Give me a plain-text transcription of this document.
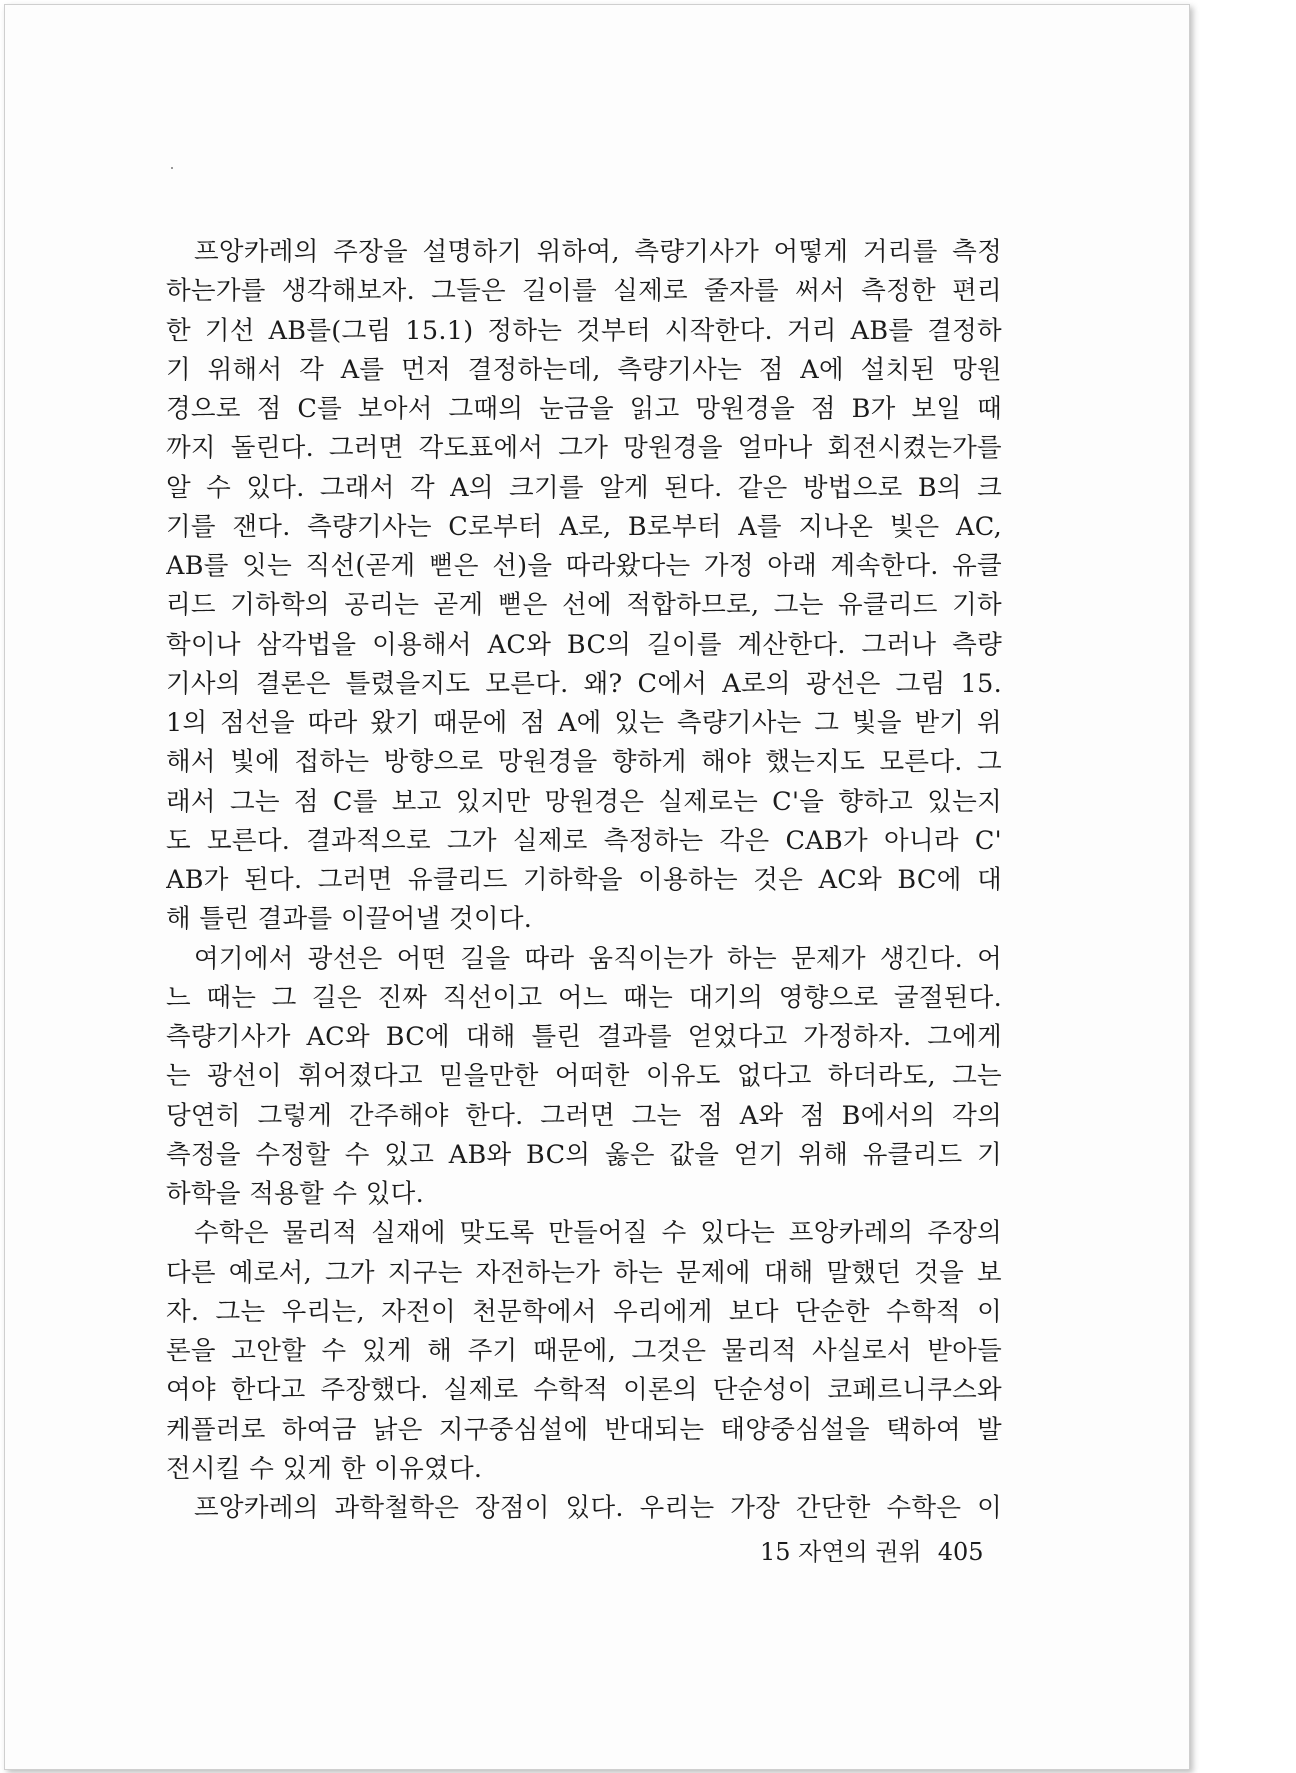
프앙카레의 주장을 설명하기 위하여, 측량기사가 어떻게 거리를 측정
하는가를 생각해보자. 그들은 길이를 실제로 줄자를 써서 측정한 편리
한 기선 AB를(그림 15.1) 정하는 것부터 시작한다. 거리 AB를 결정하
기 위해서 각 A를 먼저 결정하는데, 측량기사는 점 A에 설치된 망원
경으로 점 C를 보아서 그때의 눈금을 읽고 망원경을 점 B가 보일 때
까지 돌린다. 그러면 각도표에서 그가 망원경을 얼마나 회전시켰는가를
알 수 있다. 그래서 각 A의 크기를 알게 된다. 같은 방법으로 B의 크
기를 잰다. 측량기사는 C로부터 A로, B로부터 A를 지나온 빛은 AC,
AB를 잇는 직선(곧게 뻗은 선)을 따라왔다는 가정 아래 계속한다. 유클
리드 기하학의 공리는 곧게 뻗은 선에 적합하므로, 그는 유클리드 기하
학이나 삼각법을 이용해서 AC와 BC의 길이를 계산한다. 그러나 측량
기사의 결론은 틀렸을지도 모른다. 왜? C에서 A로의 광선은 그림 15.
1의 점선을 따라 왔기 때문에 점 A에 있는 측량기사는 그 빛을 받기 위
해서 빛에 접하는 방향으로 망원경을 향하게 해야 했는지도 모른다. 그
래서 그는 점 C를 보고 있지만 망원경은 실제로는 C'을 향하고 있는지
도 모른다. 결과적으로 그가 실제로 측정하는 각은 CAB가 아니라 C'
AB가 된다. 그러면 유클리드 기하학을 이용하는 것은 AC와 BC에 대
해 틀린 결과를 이끌어낼 것이다.
여기에서 광선은 어떤 길을 따라 움직이는가 하는 문제가 생긴다. 어
느 때는 그 길은 진짜 직선이고 어느 때는 대기의 영향으로 굴절된다.
측량기사가 AC와 BC에 대해 틀린 결과를 얻었다고 가정하자. 그에게
는 광선이 휘어졌다고 믿을만한 어떠한 이유도 없다고 하더라도, 그는
당연히 그렇게 간주해야 한다. 그러면 그는 점 A와 점 B에서의 각의
측정을 수정할 수 있고 AB와 BC의 옳은 값을 얻기 위해 유클리드 기
하학을 적용할 수 있다.
수학은 물리적 실재에 맞도록 만들어질 수 있다는 프앙카레의 주장의
다른 예로서, 그가 지구는 자전하는가 하는 문제에 대해 말했던 것을 보
자. 그는 우리는, 자전이 천문학에서 우리에게 보다 단순한 수학적 이
론을 고안할 수 있게 해 주기 때문에, 그것은 물리적 사실로서 받아들
여야 한다고 주장했다. 실제로 수학적 이론의 단순성이 코페르니쿠스와
케플러로 하여금 낡은 지구중심설에 반대되는 태양중심설을 택하여 발
전시킬 수 있게 한 이유였다.
프앙카레의 과학철학은 장점이 있다. 우리는 가장 간단한 수학은 이
15 자연의 권위 405
